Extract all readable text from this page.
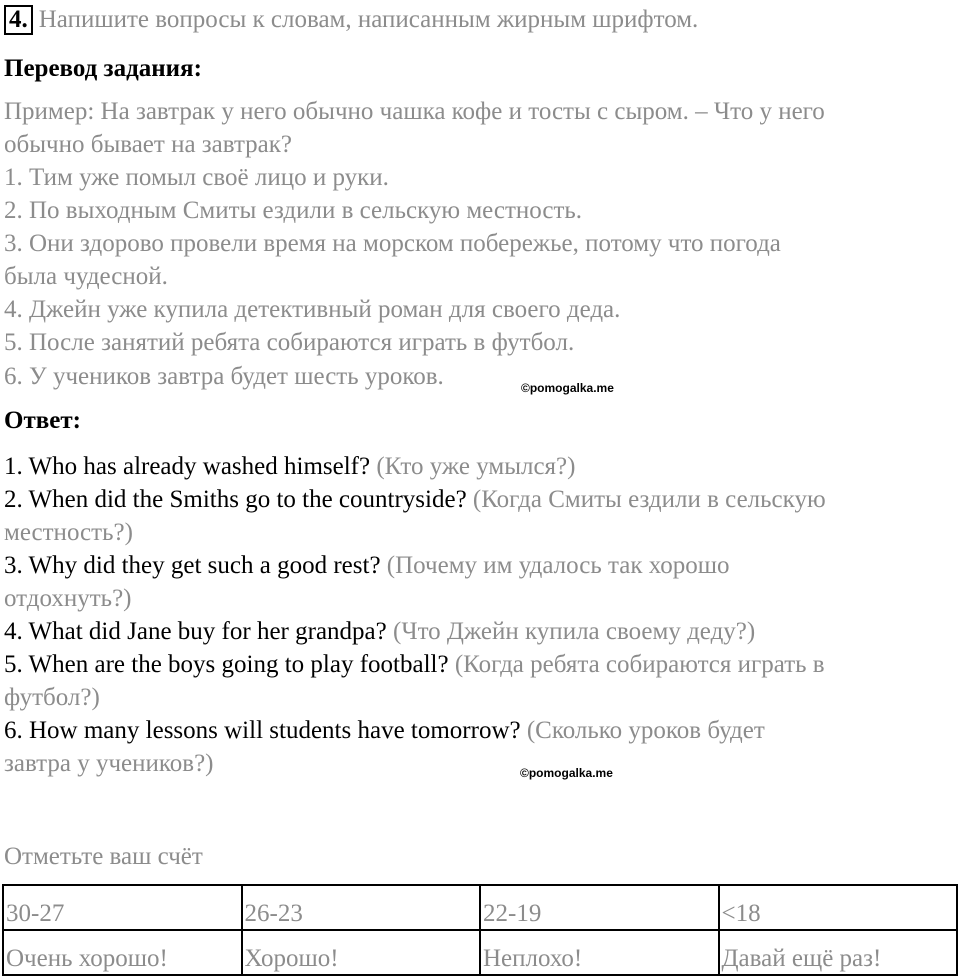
4. Напишите вопросы к словам, написанным жирным шрифтом.
Перевод задания:
Пример: На завтрак у него обычно чашка кофе и тосты с сыром. – Что у него
обычно бывает на завтрак?
1. Тим уже помыл своё лицо и руки.
2. По выходным Смиты ездили в сельскую местность.
3. Они здорово провели время на морском побережье, потому что погода
была чудесной.
4. Джейн уже купила детективный роман для своего деда.
5. После занятий ребята собираются играть в футбол.
6. У учеников завтра будет шесть уроков.	©pomogalka.me
Ответ:
1. Who has already washed himself? (Кто уже умылся?)
2. When did the Smiths go to the countryside? (Когда Смиты ездили в сельскую
местность?)
3. Why did they get such a good rest? (Почему им удалось так хорошо
отдохнуть?)
4. What did Jane buy for her grandpa? (Что Джейн купила своему деду?)
5. When are the boys going to play football? (Когда ребята собираются играть в
футбол?)
6. How many lessons will students have tomorrow? (Сколько уроков будет
завтра у учеников?)	©pomogalka.me
Отметьте ваш счёт
30-27	26-23	22-19	<18
Очень хорошо!	Хорошо!	Неплохо!	Давай ещё раз!
